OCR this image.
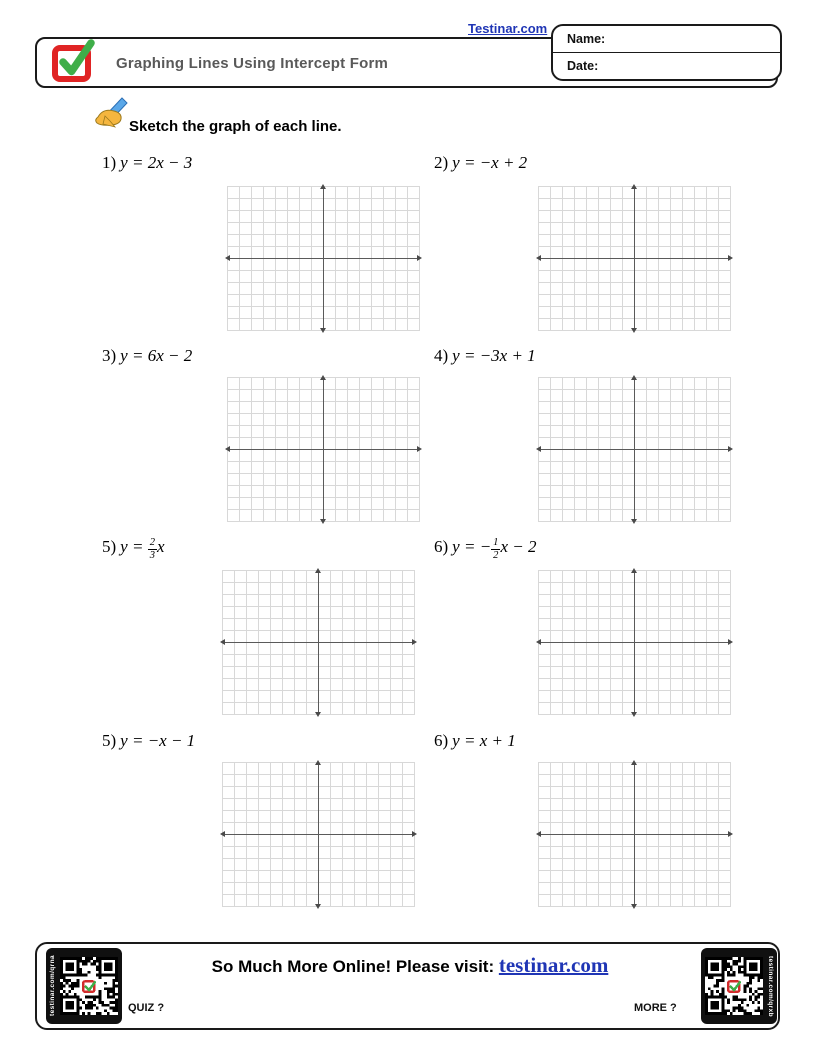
Graphing Lines Using Intercept Form
Testinar.com
Name:
Date:
Sketch the graph of each line.
1) y = 2x − 3	2) y = −x + 2
3) y = 6x − 2	4) y = −3x + 1
5) $y = \frac{2}{3}$ x	6) y = − $\frac{1}{2}$ x − 2
5) y = −x − 1	6) y = x + 1
testinar.com/qrna	testinar.com/qrxb
QUIZ ?	MORE ?
So Much More Online! Please visit: testinar.com
